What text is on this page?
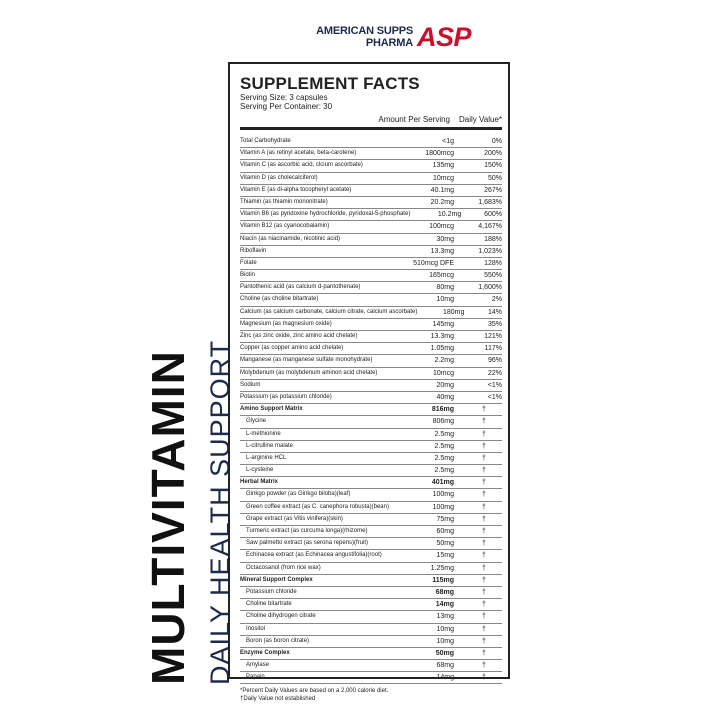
AMERICAN SUPPS
PHARMA ASP
MULTIVITAMIN DAILY HEALTH SUPPORT
SUPPLEMENT FACTS
Serving Size: 3 capsules
Serving Per Container: 30
Amount Per Serving	Daily Value*
Total Carbohydrate	<1g	0%
Vitamin A (as retinyl acetate, beta-carotene)	1800mcg	200%
Vitamin C (as ascorbic acid, clcium ascorbate)	135mg	150%
Vitamin D (as cholecalciferol)	10mcg	50%
Vitamin E (as di-alpha tocopheryl acetate)	40.1mg	267%
Thiamin (as thiamin mononitrate)	20.2mg	1,683%
Vitamin B6 (as pyridoxine hydrochloride, pyridoxal-5-phosphate)	10.2mg	600%
Vitamin B12 (as cyanocobalamin)	100mcg	4,167%
Niacin (as niacinamide, nicotinic acid)	30mg	188%
Riboflavin	13.3mg	1,023%
Folate	510mcg DFE	128%
Biotin	165mcg	550%
Pantothenic acid (as calcium d-pantothenate)	80mg	1,600%
Choline (as choline bitartrate)	10mg	2%
Calcium (as calcium carbonate, calcium citrate, calcium ascorbate)	180mg	14%
Magnesium (as magnesium oxide)	145mg	35%
Zinc (as zinc oxide, zinc amino acid chelate)	13.3mg	121%
Copper (as copper amino acid chelate)	1.05mg	117%
Manganese (as manganese sulfate monohydrate)	2.2mg	96%
Molybdenum (as molybdenum aminon acid chelate)	10mcg	22%
Sodium	20mg	<1%
Potassium (as potassium chloride)	40mg	<1%
Amino Support Matrix	816mg	†
Glycine	806mg	†
L-methionine	2.5mg	†
L-citrulline malate	2.5mg	†
L-arginine HCL	2.5mg	†
L-cysteine	2.5mg	†
Herbal Matrix	401mg	†
Ginkgo powder (as Ginkgo biloba)(leaf)	100mg	†
Green coffee extract (as C. canephora robusta)(bean)	100mg	†
Grape extract (as Vitis vinifera)(skin)	75mg	†
Turmeric extract (as curcuma longa)(rhizome)	60mg	†
Saw palmetto extract (as serona repens)(fruit)	50mg	†
Echinacea extract (as Echinacea angustifolia)(root)	15mg	†
Octacosanol (from rice wax)	1.25mg	†
Mineral Support Complex	115mg	†
Potassium chloride	68mg	†
Choline bitartrate	14mg	†
Choline dihydrogen citrate	13mg	†
Inositol	10mg	†
Boron (as boron citrate)	10mg	†
Enzyme Complex	50mg	†
Amylase	68mg	†
Papain	14mg	†
*Percent Daily Values are based on a 2,000 calorie diet.
†Daily Value not established
